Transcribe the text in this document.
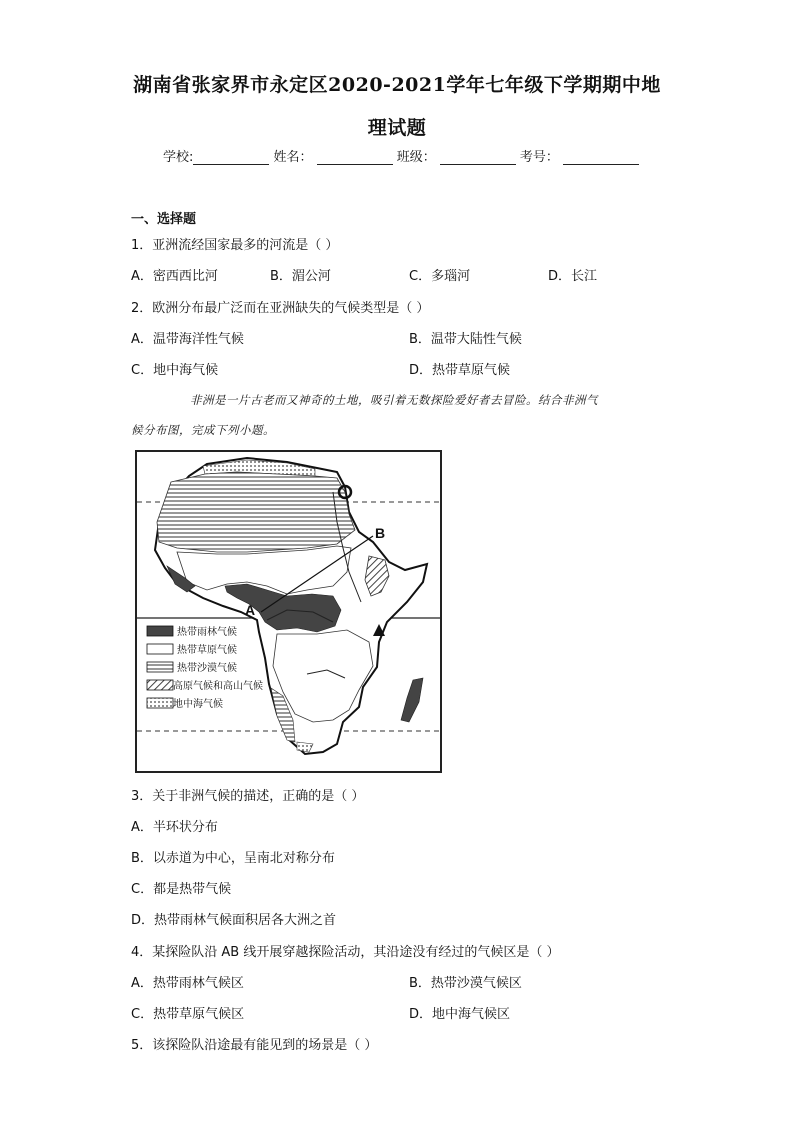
湖南省张家界市永定区2020-2021学年七年级下学期期中地
理试题
学校:	姓名：	班级：	考号：
一、选择题
1．亚洲流经国家最多的河流是（ ）
A．密西西比河	B．湄公河	C．多瑙河	D．长江
2．欧洲分布最广泛而在亚洲缺失的气候类型是（ ）
A．温带海洋性气候	B．温带大陆性气候
C．地中海气候	D．热带草原气候
非洲是一片古老而又神奇的土地，吸引着无数探险爱好者去冒险。结合非洲气
候分布图，完成下列小题。
A
B
热带雨林气候
热带草原气候
热带沙漠气候
高原气候和高山气候
地中海气候
3．关于非洲气候的描述，正确的是（ ）
A．半环状分布
B．以赤道为中心，呈南北对称分布
C．都是热带气候
D．热带雨林气候面积居各大洲之首
4．某探险队沿 AB 线开展穿越探险活动，其沿途没有经过的气候区是（ ）
A．热带雨林气候区	B．热带沙漠气候区
C．热带草原气候区	D．地中海气候区
5．该探险队沿途最有能见到的场景是（ ）
